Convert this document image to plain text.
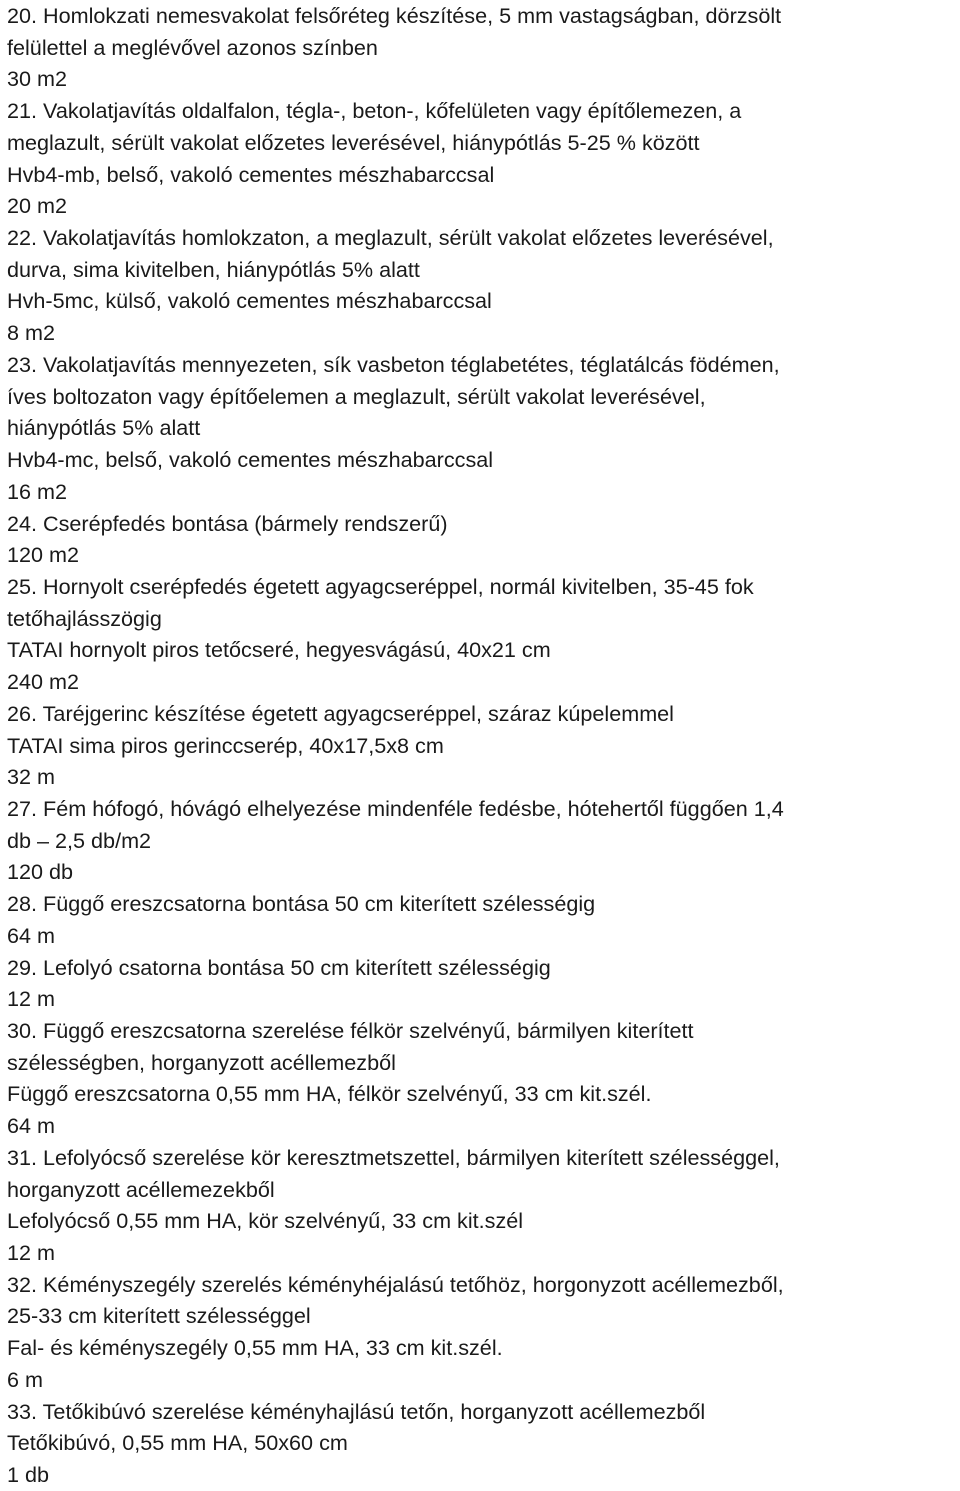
20. Homlokzati nemesvakolat felsőréteg készítése, 5 mm vastagságban, dörzsölt
felülettel a meglévővel azonos színben
30 m2
21. Vakolatjavítás oldalfalon, tégla-, beton-, kőfelületen vagy építőlemezen, a
meglazult, sérült vakolat előzetes leverésével, hiánypótlás 5-25 % között
Hvb4-mb, belső, vakoló cementes mészhabarccsal
20 m2
22. Vakolatjavítás homlokzaton, a meglazult, sérült vakolat előzetes leverésével,
durva, sima kivitelben, hiánypótlás 5% alatt
Hvh-5mc, külső, vakoló cementes mészhabarccsal
8 m2
23. Vakolatjavítás mennyezeten, sík vasbeton téglabetétes, téglatálcás födémen,
íves boltozaton vagy építőelemen a meglazult, sérült vakolat leverésével,
hiánypótlás 5% alatt
Hvb4-mc, belső, vakoló cementes mészhabarccsal
16 m2
24. Cserépfedés bontása (bármely rendszerű)
120 m2
25. Hornyolt cserépfedés égetett agyagcseréppel, normál kivitelben, 35-45 fok
tetőhajlásszögig
TATAI hornyolt piros tetőcseré, hegyesvágású, 40x21 cm
240 m2
26. Taréjgerinc készítése égetett agyagcseréppel, száraz kúpelemmel
TATAI sima piros gerinccserép, 40x17,5x8 cm
32 m
27. Fém hófogó, hóvágó elhelyezése mindenféle fedésbe, hótehertől függően 1,4
db – 2,5 db/m2
120 db
28. Függő ereszcsatorna bontása 50 cm kiterített szélességig
64 m
29. Lefolyó csatorna bontása 50 cm kiterített szélességig
12 m
30. Függő ereszcsatorna szerelése félkör szelvényű, bármilyen kiterített
szélességben, horganyzott acéllemezből
Függő ereszcsatorna 0,55 mm HA, félkör szelvényű, 33 cm kit.szél.
64 m
31. Lefolyócső szerelése kör keresztmetszettel, bármilyen kiterített szélességgel,
horganyzott acéllemezekből
Lefolyócső 0,55 mm HA, kör szelvényű, 33 cm kit.szél
12 m
32. Kéményszegély szerelés kéményhéjalású tetőhöz, horgonyzott acéllemezből,
25-33 cm kiterített szélességgel
Fal- és kéményszegély 0,55 mm HA, 33 cm kit.szél.
6 m
33. Tetőkibúvó szerelése kéményhajlású tetőn, horganyzott acéllemezből
Tetőkibúvó, 0,55 mm HA, 50x60 cm
1 db
